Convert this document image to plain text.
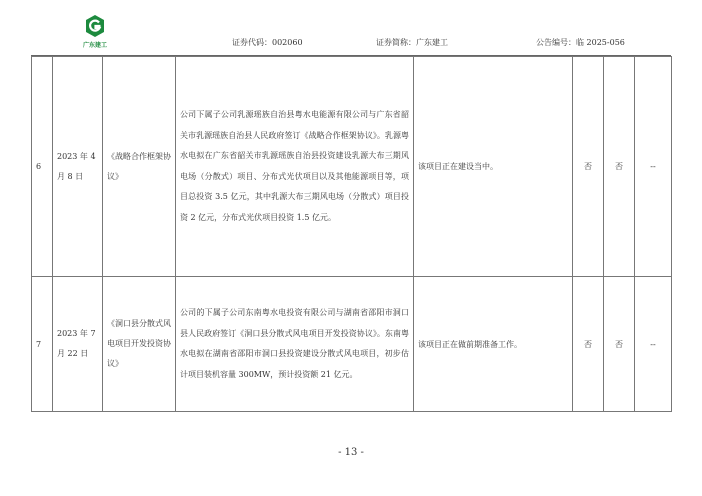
广东建工	证券代码：002060	证券简称：广东建工	公告编号：临 2025-056
6	2023 年 4 月 8 日	《战略合作框架协议》	公司下属子公司乳源瑶族自治县粤水电能源有限公司与广东省韶关市乳源瑶族自治县人民政府签订《战略合作框架协议》。乳源粤水电拟在广东省韶关市乳源瑶族自治县投资建设乳源大布三期风电场（分散式）项目、分布式光伏项目以及其他能源项目等，项目总投资 3.5 亿元，其中乳源大布三期风电场（分散式）项目投资 2 亿元，分布式光伏项目投资 1.5 亿元。	该项目正在建设当中。	否	否	--
7	2023 年 7 月 22 日	《洞口县分散式风电项目开发投资协议》	公司的下属子公司东南粤水电投资有限公司与湖南省邵阳市洞口县人民政府签订《洞口县分散式风电项目开发投资协议》。东南粤水电拟在湖南省邵阳市洞口县投资建设分散式风电项目，初步估计项目装机容量 300MW，预计投资额 21 亿元。	该项目正在做前期准备工作。	否	否	--
- 13 -
